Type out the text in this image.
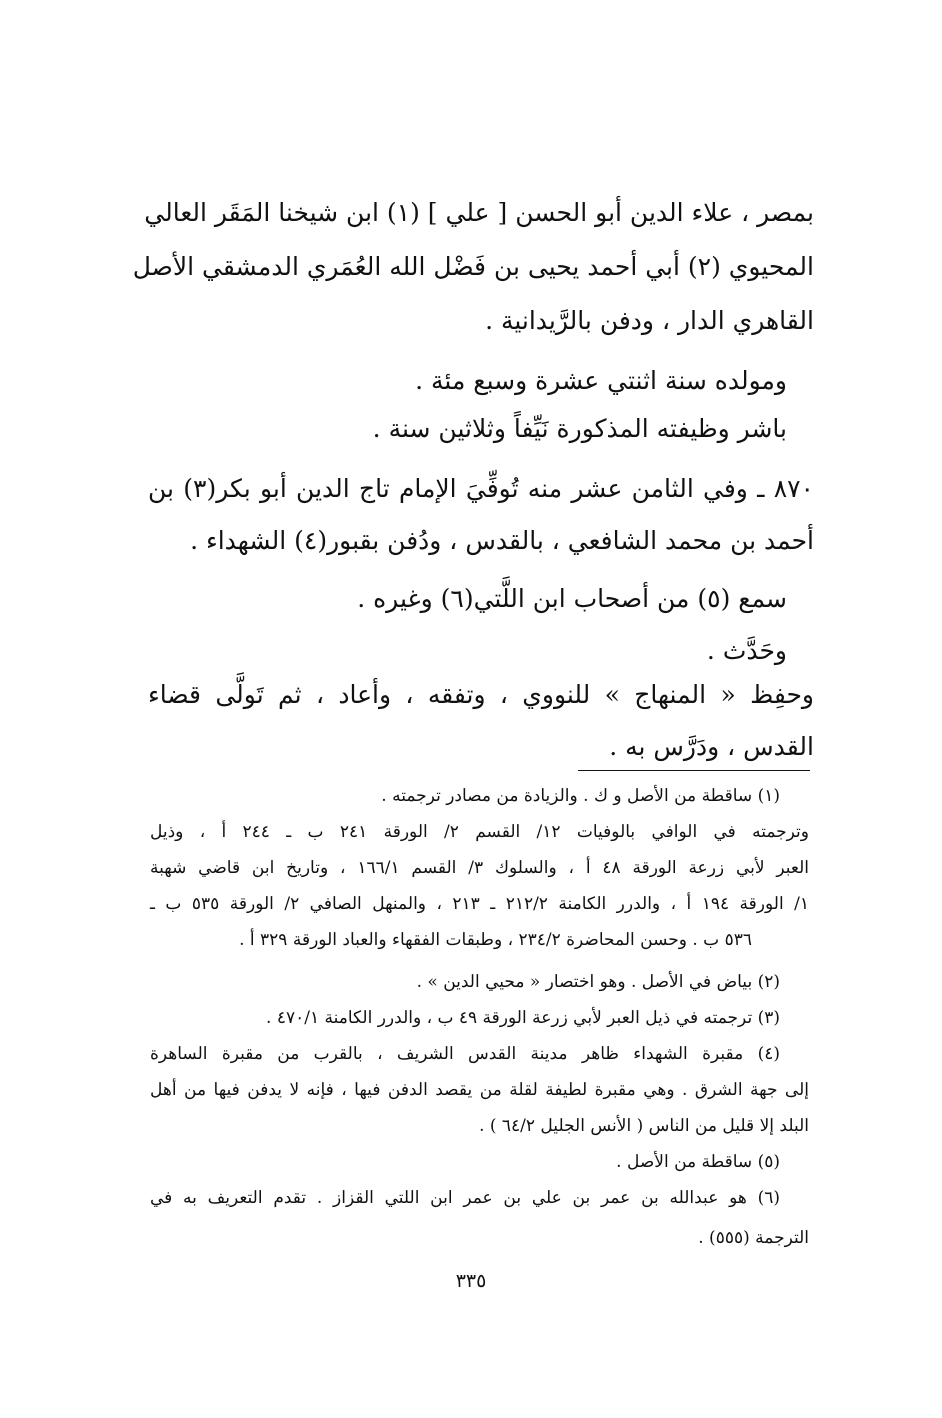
بمصر ، علاء الدين أبو الحسن [ علي ] (١) ابن شيخنا المَقَر العالي
المحيوي (٢) أبي أحمد يحيى بن فَضْل الله العُمَري الدمشقي الأصل
القاهري الدار ، ودفن بالرَّيدانية .
ومولده سنة اثنتي عشرة وسبع مئة .
باشر وظيفته المذكورة نَيِّفاً وثلاثين سنة .
٨٧٠ ـ وفي الثامن عشر منه تُوفِّيَ الإمام تاج الدين أبو بكر(٣) بن
أحمد بن محمد الشافعي ، بالقدس ، ودُفن بقبور(٤) الشهداء .
سمع (٥) من أصحاب ابن اللَّتي(٦) وغيره .
وحَدَّث .
وحفِظ « المنهاج » للنووي ، وتفقه ، وأعاد ، ثم تَولَّى قضاء
القدس ، ودَرَّس به .
(١) ساقطة من الأصل و ك . والزيادة من مصادر ترجمته .
وترجمته في الوافي بالوفيات ١٢/ القسم ٢/ الورقة ٢٤١ ب ـ ٢٤٤ أ ، وذيل
العبر لأبي زرعة الورقة ٤٨ أ ، والسلوك ٣/ القسم ١٦٦/١ ، وتاريخ ابن قاضي شهبة
١/ الورقة ١٩٤ أ ، والدرر الكامنة ٢١٢/٢ ـ ٢١٣ ، والمنهل الصافي ٢/ الورقة ٥٣٥ ب ـ
٥٣٦ ب . وحسن المحاضرة ٢٣٤/٢ ، وطبقات الفقهاء والعباد الورقة ٣٢٩ أ .
(٢) بياض في الأصل . وهو اختصار « محيي الدين » .
(٣) ترجمته في ذيل العبر لأبي زرعة الورقة ٤٩ ب ، والدرر الكامنة ٤٧٠/١ .
(٤) مقبرة الشهداء ظاهر مدينة القدس الشريف ، بالقرب من مقبرة الساهرة
إلى جهة الشرق . وهي مقبرة لطيفة لقلة من يقصد الدفن فيها ، فإنه لا يدفن فيها من أهل
البلد إلا قليل من الناس ( الأنس الجليل ٦٤/٢ ) .
(٥) ساقطة من الأصل .
(٦) هو عبدالله بن عمر بن علي بن عمر ابن اللتي القزاز . تقدم التعريف به في
الترجمة (٥٥٥) .
٣٣٥
